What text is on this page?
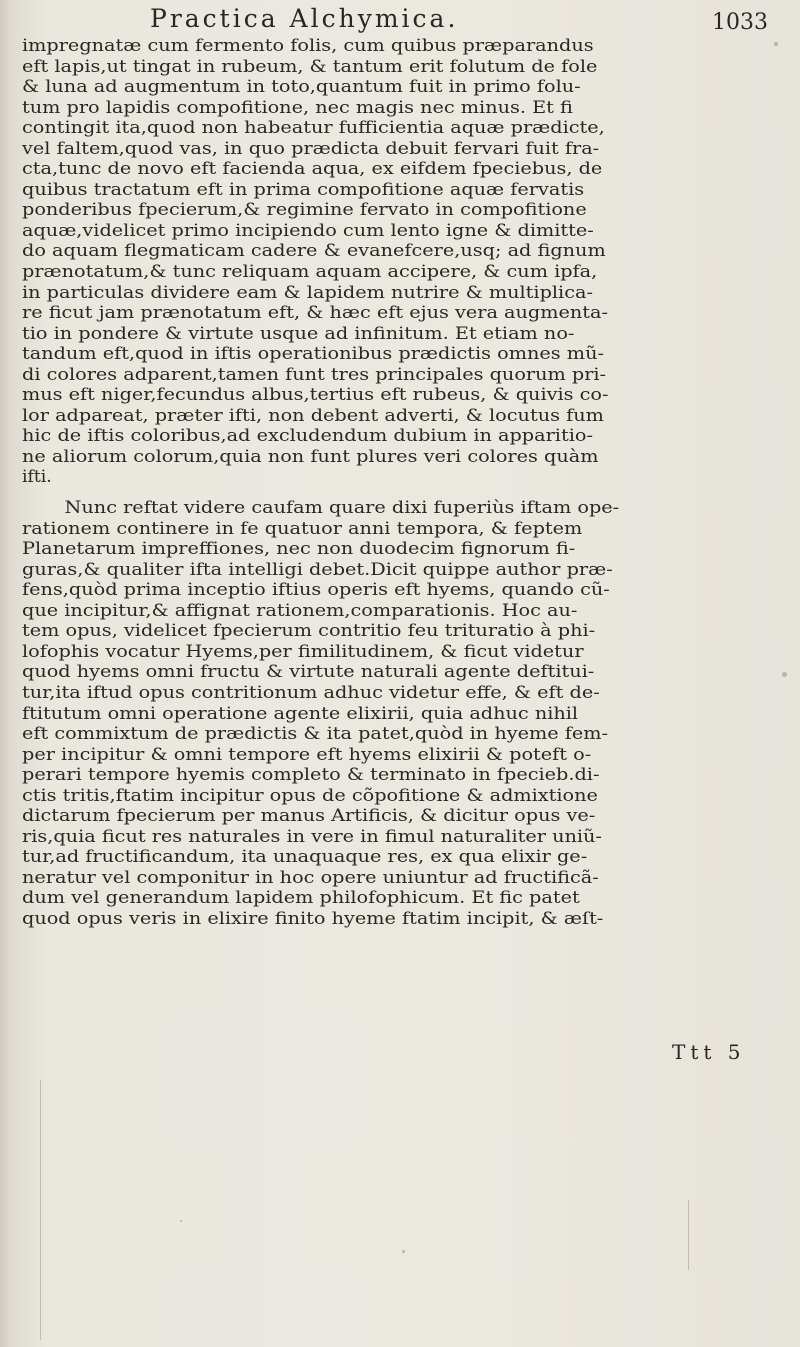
Practica Alchymica.	1033
impregnatæ cum fermento folis, cum quibus præparandus
eft lapis,ut tingat in rubeum, & tantum erit folutum de fole
& luna ad augmentum in toto,quantum fuit in primo folu-
tum pro lapidis compofitione, nec magis nec minus. Et fi
contingit ita,quod non habeatur fufficientia aquæ prædicte,
vel faltem,quod vas, in quo prædicta debuit fervari fuit fra-
cta,tunc de novo eft facienda aqua, ex eifdem fpeciebus, de
quibus tractatum eft in prima compofitione aquæ fervatis
ponderibus fpecierum,& regimine fervato in compofitione
aquæ,videlicet primo incipiendo cum lento igne & dimitte-
do aquam flegmaticam cadere & evanefcere,usq; ad fignum
prænotatum,& tunc reliquam aquam accipere, & cum ipfa,
in particulas dividere eam & lapidem nutrire & multiplica-
re ficut jam prænotatum eft, & hæc eft ejus vera augmenta-
tio in pondere & virtute usque ad infinitum. Et etiam no-
tandum eft,quod in iftis operationibus prædictis omnes mũ-
di colores adparent,tamen funt tres principales quorum pri-
mus eft niger,fecundus albus,tertius eft rubeus, & quivis co-
lor adpareat, præter ifti, non debent adverti, & locutus fum
hic de iftis coloribus,ad excludendum dubium in apparitio-
ne aliorum colorum,quia non funt plures veri colores quàm
ifti.
Nunc reftat videre caufam quare dixi fuperiùs iftam ope-
rationem continere in fe quatuor anni tempora, & feptem
Planetarum impreffiones, nec non duodecim fignorum fi-
guras,& qualiter ifta intelligi debet.Dicit quippe author præ-
fens,quòd prima inceptio iftius operis eft hyems, quando cũ-
que incipitur,& affignat rationem,comparationis. Hoc au-
tem opus, videlicet fpecierum contritio feu trituratio à phi-
lofophis vocatur Hyems,per fimilitudinem, & ficut videtur
quod hyems omni fructu & virtute naturali agente deftitui-
tur,ita iftud opus contritionum adhuc videtur effe, & eft de-
ftitutum omni operatione agente elixirii, quia adhuc nihil
eft commixtum de prædictis & ita patet,quòd in hyeme fem-
per incipitur & omni tempore eft hyems elixirii & poteft o-
perari tempore hyemis completo & terminato in fpecieb.di-
ctis tritis,ftatim incipitur opus de cõpofitione & admixtione
dictarum fpecierum per manus Artificis, & dicitur opus ve-
ris,quia ficut res naturales in vere in fimul naturaliter uniũ-
tur,ad fructificandum, ita unaquaque res, ex qua elixir ge-
neratur vel componitur in hoc opere uniuntur ad fructificã-
dum vel generandum lapidem philofophicum. Et fic patet
quod opus veris in elixire finito hyeme ftatim incipit, & æſt-
Ttt 5
